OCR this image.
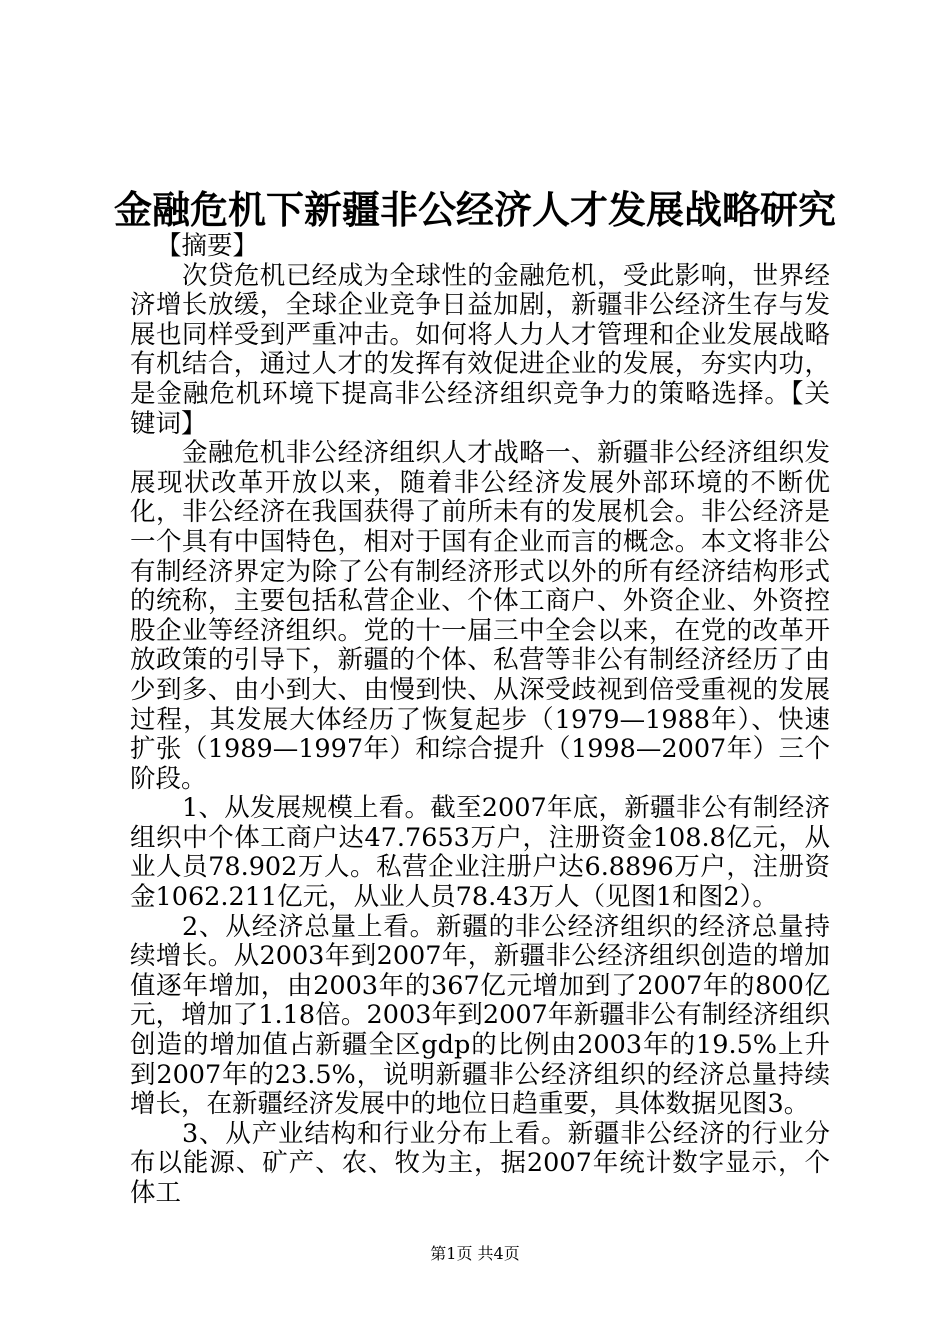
金融危机下新疆非公经济人才发展战略研究

【摘要】

次贷危机已经成为全球性的金融危机，受此影响，世界经济增长放缓，全球企业竞争日益加剧，新疆非公经济生存与发展也同样受到严重冲击。如何将人力人才管理和企业发展战略有机结合，通过人才的发挥有效促进企业的发展，夯实内功，是金融危机环境下提高非公经济组织竞争力的策略选择。【关键词】

金融危机非公经济组织人才战略一、新疆非公经济组织发展现状改革开放以来，随着非公经济发展外部环境的不断优化，非公经济在我国获得了前所未有的发展机会。非公经济是一个具有中国特色，相对于国有企业而言的概念。本文将非公有制经济界定为除了公有制经济形式以外的所有经济结构形式的统称，主要包括私营企业、个体工商户、外资企业、外资控股企业等经济组织。党的十一届三中全会以来，在党的改革开放政策的引导下，新疆的个体、私营等非公有制经济经历了由少到多、由小到大、由慢到快、从深受歧视到倍受重视的发展过程，其发展大体经历了恢复起步（1979—1988年）、快速扩张（1989—1997年）和综合提升（1998—2007年）三个阶段。

1、从发展规模上看。截至2007年底，新疆非公有制经济组织中个体工商户达47.7653万户，注册资金108.8亿元，从业人员78.902万人。私营企业注册户达6.8896万户，注册资金1062.211亿元，从业人员78.43万人（见图1和图2）。

2、从经济总量上看。新疆的非公经济组织的经济总量持续增长。从2003年到2007年，新疆非公经济组织创造的增加值逐年增加，由2003年的367亿元增加到了2007年的800亿元，增加了1.18倍。2003年到2007年新疆非公有制经济组织创造的增加值占新疆全区gdp的比例由2003年的19.5%上升到2007年的23.5%，说明新疆非公经济组织的经济总量持续增长，在新疆经济发展中的地位日趋重要，具体数据见图3。

3、从产业结构和行业分布上看。新疆非公经济的行业分布以能源、矿产、农、牧为主，据2007年统计数字显示，个体工

第1页 共4页
